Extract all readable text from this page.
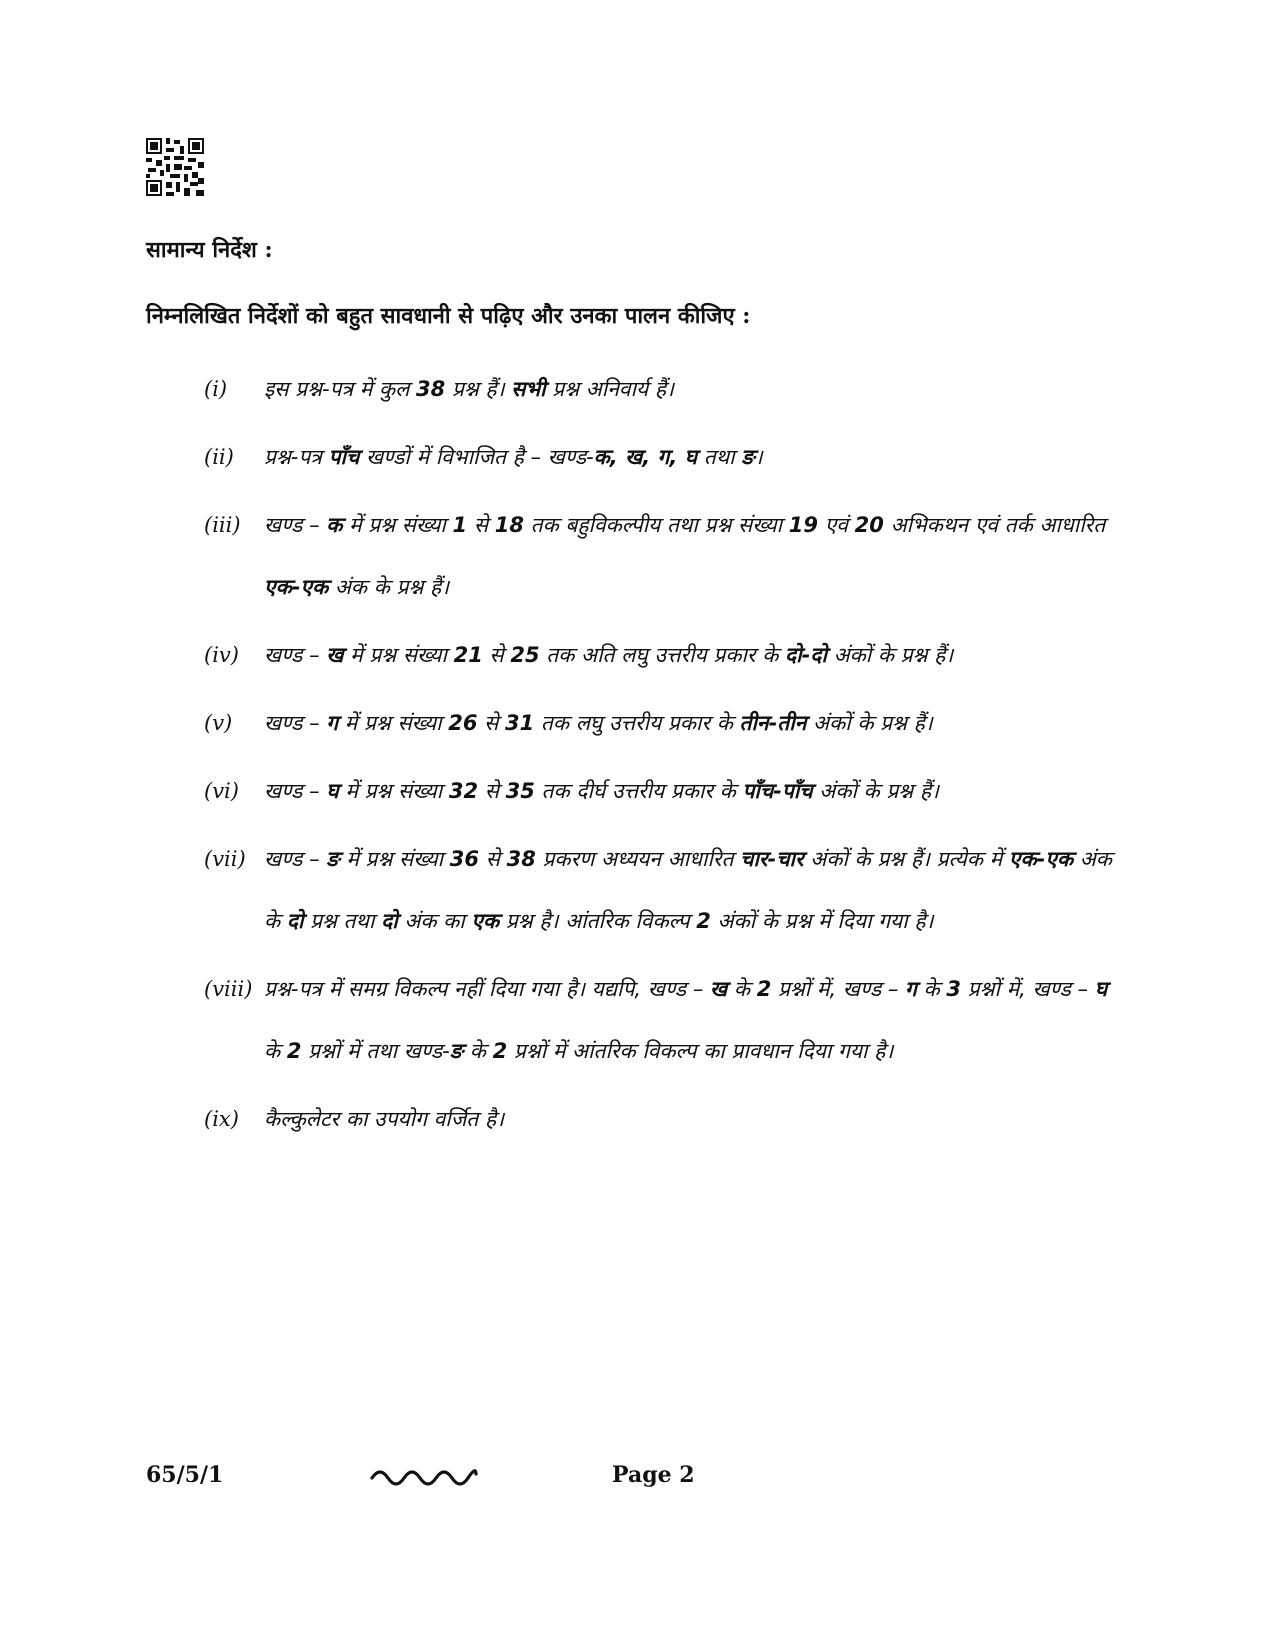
सामान्य निर्देश :
निम्नलिखित निर्देशों को बहुत सावधानी से पढ़िए और उनका पालन कीजिए :
(i) इस प्रश्न-पत्र में कुल 38 प्रश्न हैं। सभी प्रश्न अनिवार्य हैं।
(ii) प्रश्न-पत्र पाँच खण्डों में विभाजित है – खण्ड-क, ख, ग, घ तथा ङ।
(iii) खण्ड – क में प्रश्न संख्या 1 से 18 तक बहुविकल्पीय तथा प्रश्न संख्या 19 एवं 20 अभिकथन एवं तर्क आधारित एक-एक अंक के प्रश्न हैं।
(iv) खण्ड – ख में प्रश्न संख्या 21 से 25 तक अति लघु उत्तरीय प्रकार के दो-दो अंकों के प्रश्न हैं।
(v) खण्ड – ग में प्रश्न संख्या 26 से 31 तक लघु उत्तरीय प्रकार के तीन-तीन अंकों के प्रश्न हैं।
(vi) खण्ड – घ में प्रश्न संख्या 32 से 35 तक दीर्घ उत्तरीय प्रकार के पाँच-पाँच अंकों के प्रश्न हैं।
(vii) खण्ड – ङ में प्रश्न संख्या 36 से 38 प्रकरण अध्ययन आधारित चार-चार अंकों के प्रश्न हैं। प्रत्येक में एक-एक अंक के दो प्रश्न तथा दो अंक का एक प्रश्न है। आंतरिक विकल्प 2 अंकों के प्रश्न में दिया गया है।
(viii) प्रश्न-पत्र में समग्र विकल्प नहीं दिया गया है। यद्यपि, खण्ड – ख के 2 प्रश्नों में, खण्ड – ग के 3 प्रश्नों में, खण्ड – घ के 2 प्रश्नों में तथा खण्ड-ङ के 2 प्रश्नों में आंतरिक विकल्प का प्रावधान दिया गया है।
(ix) कैल्कुलेटर का उपयोग वर्जित है।
65/5/1	Page 2
